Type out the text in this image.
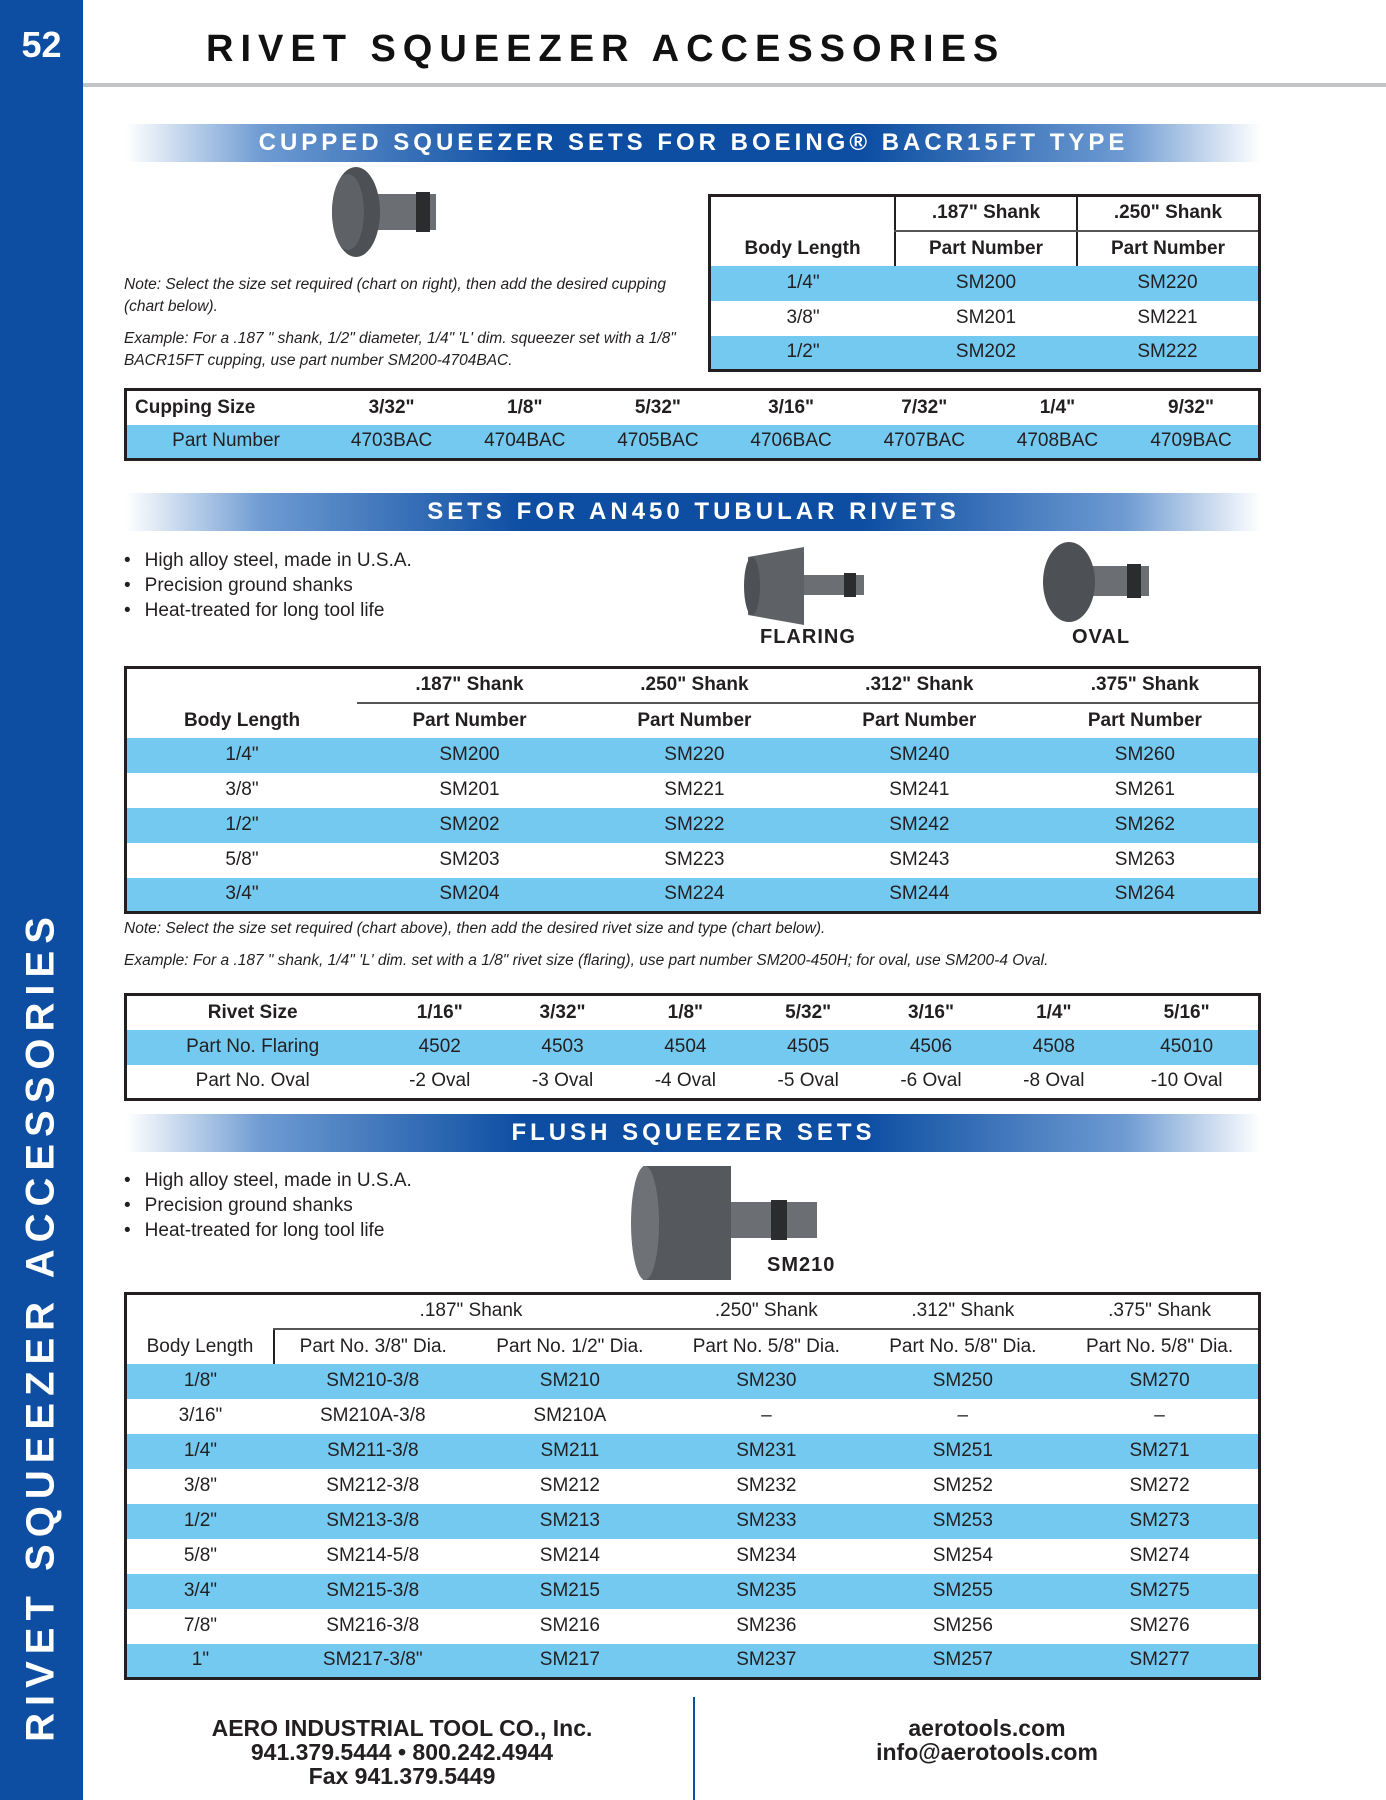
52
RIVET SQUEEZER ACCESSORIES
RIVET SQUEEZER ACCESSORIES
CUPPED SQUEEZER SETS FOR BOEING® BACR15FT TYPE
Note: Select the size set required (chart on right), then add the desired cupping (chart below).
Example: For a .187 " shank, 1/2" diameter, 1/4" 'L' dim. squeezer set with a 1/8" BACR15FT cupping, use part number SM200-4704BAC.
Body Length	.187" Shank	.250" Shank
	Part Number	Part Number
1/4"	SM200	SM220
3/8"	SM201	SM221
1/2"	SM202	SM222
Cupping Size	3/32"	1/8"	5/32"	3/16"	7/32"	1/4"	9/32"
Part Number	4703BAC	4704BAC	4705BAC	4706BAC	4707BAC	4708BAC	4709BAC
SETS FOR AN450 TUBULAR RIVETS
• High alloy steel, made in U.S.A.
• Precision ground shanks
• Heat-treated for long tool life
FLARING	OVAL
Body Length	.187" Shank	.250" Shank	.312" Shank	.375" Shank
	Part Number	Part Number	Part Number	Part Number
1/4"	SM200	SM220	SM240	SM260
3/8"	SM201	SM221	SM241	SM261
1/2"	SM202	SM222	SM242	SM262
5/8"	SM203	SM223	SM243	SM263
3/4"	SM204	SM224	SM244	SM264
Note: Select the size set required (chart above), then add the desired rivet size and type (chart below).
Example: For a .187 " shank, 1/4" 'L' dim. set with a 1/8" rivet size (flaring), use part number SM200-450H; for oval, use SM200-4 Oval.
Rivet Size	1/16"	3/32"	1/8"	5/32"	3/16"	1/4"	5/16"
Part No. Flaring	4502	4503	4504	4505	4506	4508	45010
Part No. Oval	-2 Oval	-3 Oval	-4 Oval	-5 Oval	-6 Oval	-8 Oval	-10 Oval
FLUSH SQUEEZER SETS
• High alloy steel, made in U.S.A.
• Precision ground shanks
• Heat-treated for long tool life
SM210
Body Length	.187" Shank		.250" Shank	.312" Shank	.375" Shank
	Part No. 3/8" Dia.	Part No. 1/2" Dia.	Part No. 5/8" Dia.	Part No. 5/8" Dia.	Part No. 5/8" Dia.
1/8"	SM210-3/8	SM210	SM230	SM250	SM270
3/16"	SM210A-3/8	SM210A	–	–	–
1/4"	SM211-3/8	SM211	SM231	SM251	SM271
3/8"	SM212-3/8	SM212	SM232	SM252	SM272
1/2"	SM213-3/8	SM213	SM233	SM253	SM273
5/8"	SM214-5/8	SM214	SM234	SM254	SM274
3/4"	SM215-3/8	SM215	SM235	SM255	SM275
7/8"	SM216-3/8	SM216	SM236	SM256	SM276
1"	SM217-3/8"	SM217	SM237	SM257	SM277
AERO INDUSTRIAL TOOL CO., Inc.
941.379.5444 • 800.242.4944
Fax 941.379.5449
aerotools.com
info@aerotools.com
